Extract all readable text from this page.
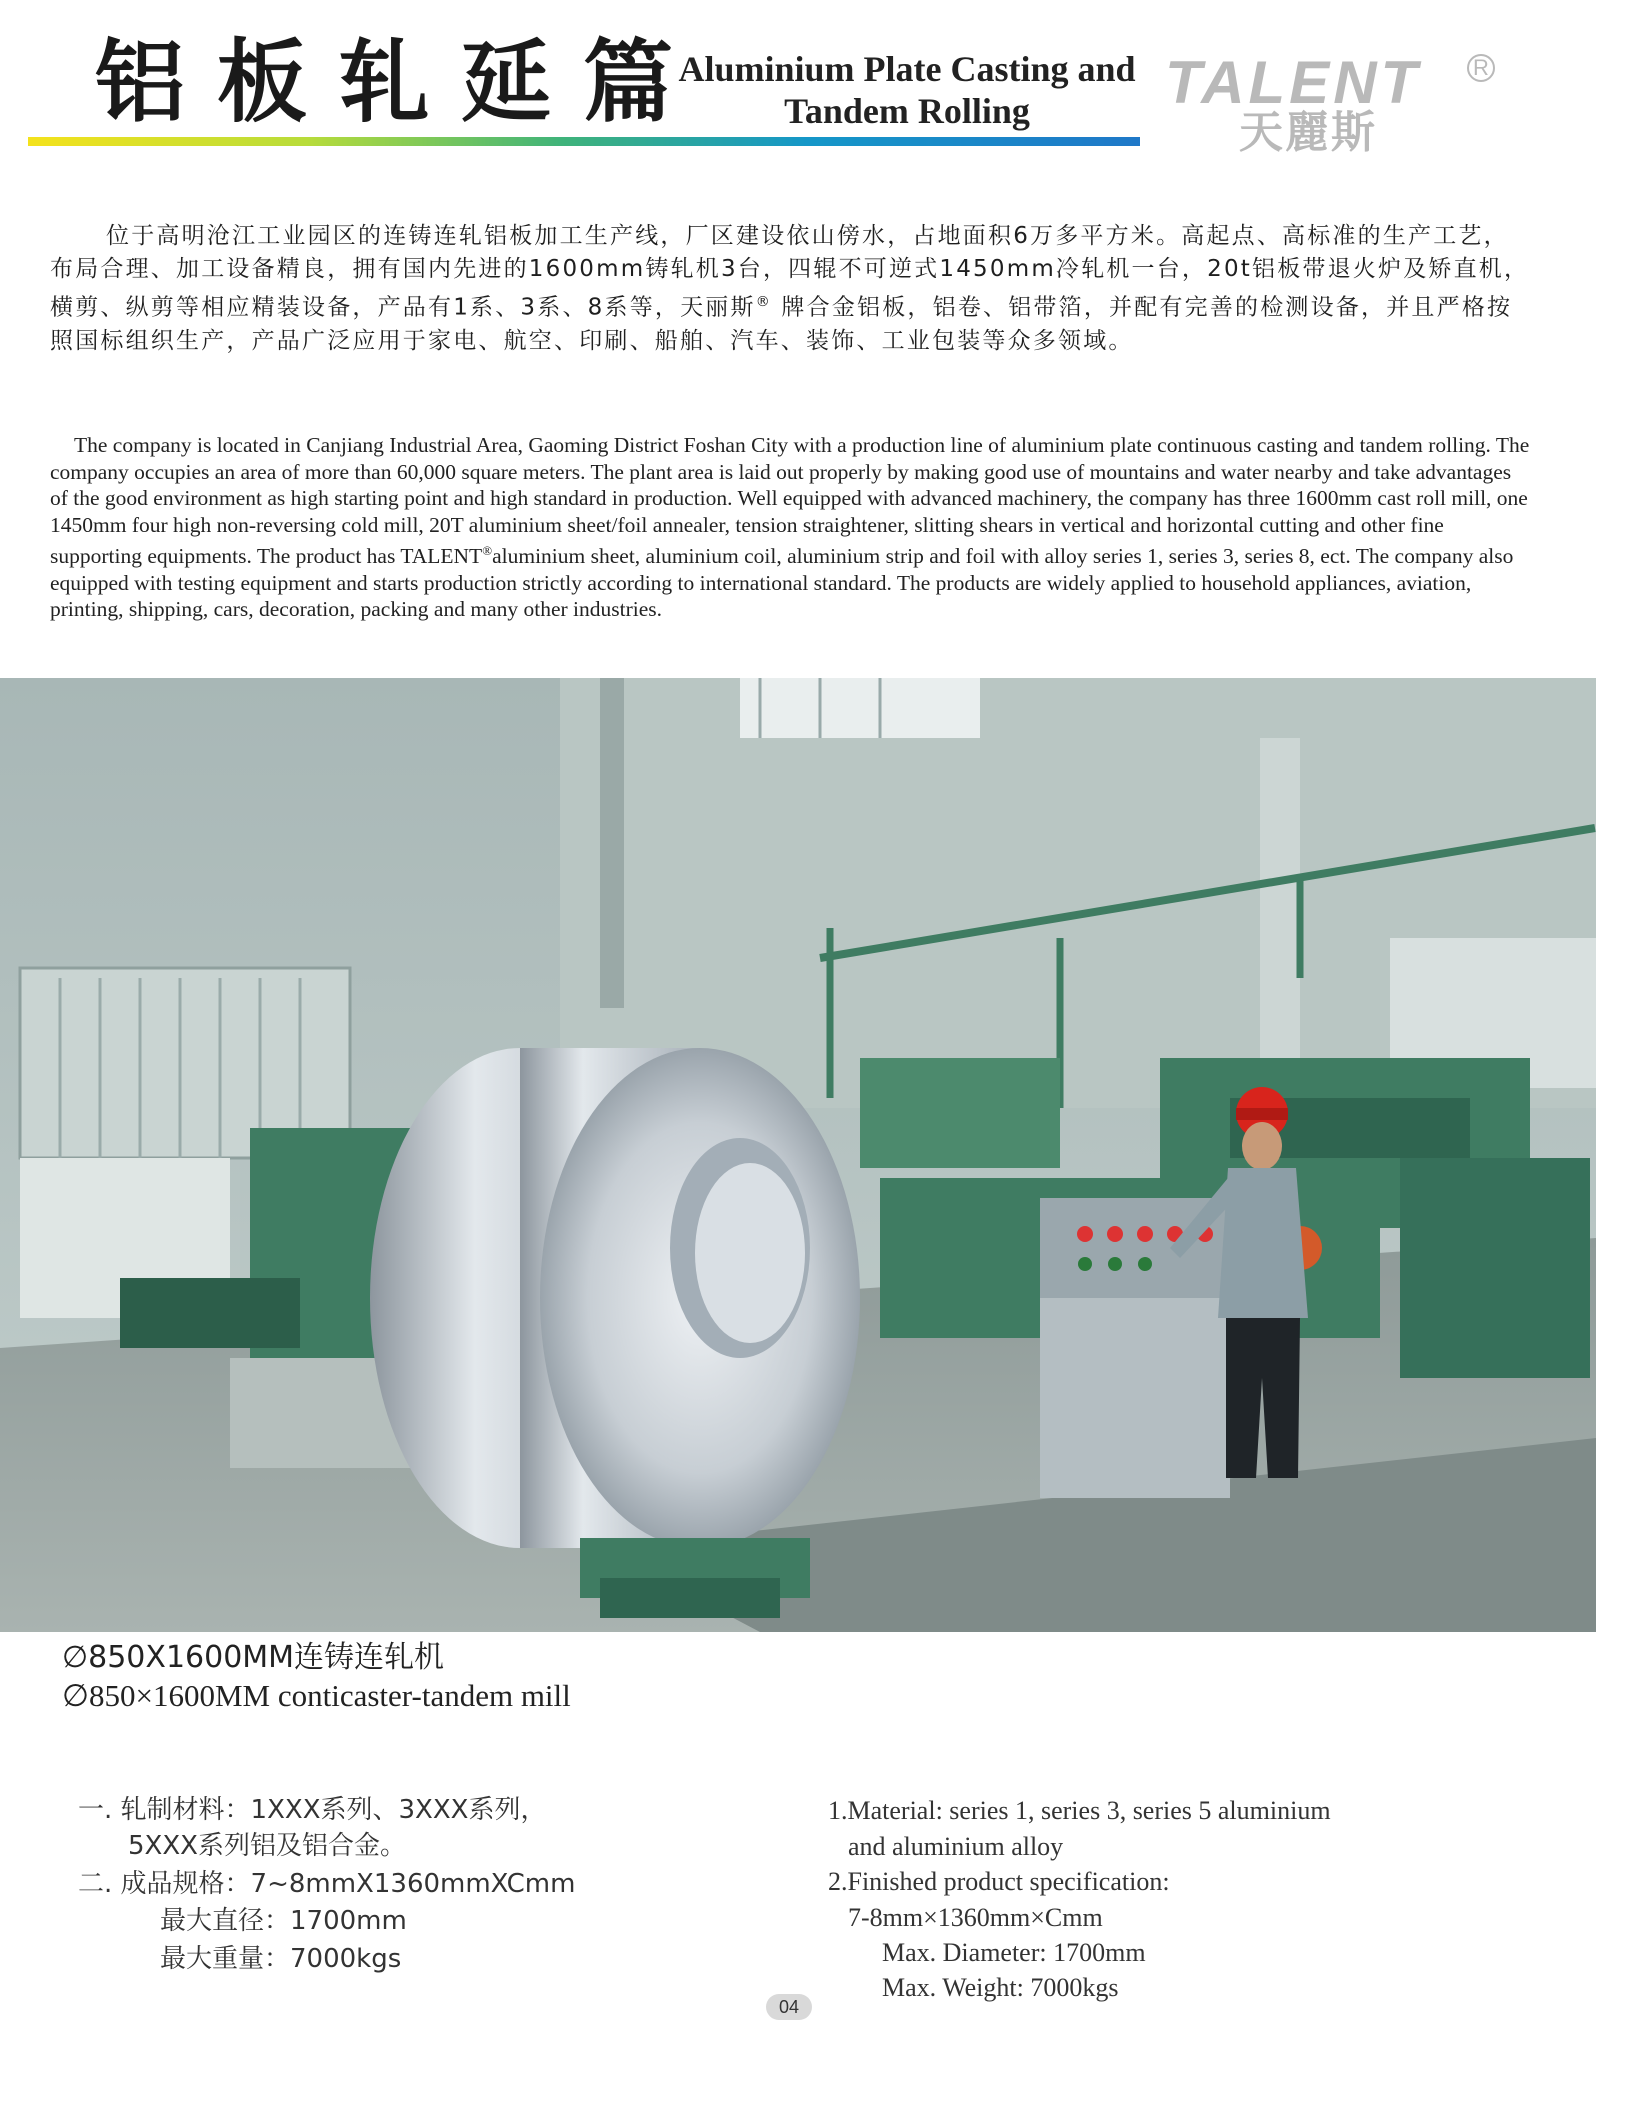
铝板轧延篇
Aluminium Plate Casting and
Tandem Rolling	TALENT
天麗斯
R

位于高明沧江工业园区的连铸连轧铝板加工生产线，厂区建设依山傍水，占地面积6万多平方米。高起点、高标准的生产工艺，布局合理、加工设备精良，拥有国内先进的1600mm铸轧机3台，四辊不可逆式1450mm冷轧机一台，20t铝板带退火炉及矫直机，横剪、纵剪等相应精装设备，产品有1系、3系、8系等，天丽斯® 牌合金铝板，铝卷、铝带箔，并配有完善的检测设备，并且严格按照国标组织生产，产品广泛应用于家电、航空、印刷、船舶、汽车、装饰、工业包装等众多领域。

The company is located in Canjiang Industrial Area, Gaoming District Foshan City with a production line of aluminium plate continuous casting and tandem rolling. The company occupies an area of more than 60,000 square meters. The plant area is laid out properly by making good use of mountains and water nearby and take advantages of the good environment as high starting point and high standard in production. Well equipped with advanced machinery, the company has three 1600mm cast roll mill, one 1450mm four high non-reversing cold mill, 20T aluminium sheet/foil annealer, tension straightener, slitting shears in vertical and horizontal cutting and other fine supporting equipments. The product has TALENT®aluminium sheet, aluminium coil, aluminium strip and foil with alloy series 1, series 3, series 8, ect. The company also equipped with testing equipment and starts production strictly according to international standard. The products are widely applied to household appliances, aviation, printing, shipping, cars, decoration, packing and many other industries.

∅850X1600MM连铸连轧机
∅850×1600MM conticaster-tandem mill
一. 轧制材料：1XXX系列、3XXX系列，
5XXX系列铝及铝合金。
二. 成品规格：7~8mmX1360mmXCmm
最大直径：1700mm
最大重量：7000kgs
1.Material: series 1, series 3, series 5 aluminium
and aluminium alloy
2.Finished product specification:
7-8mm×1360mm×Cmm
Max. Diameter: 1700mm
Max. Weight: 7000kgs
04
